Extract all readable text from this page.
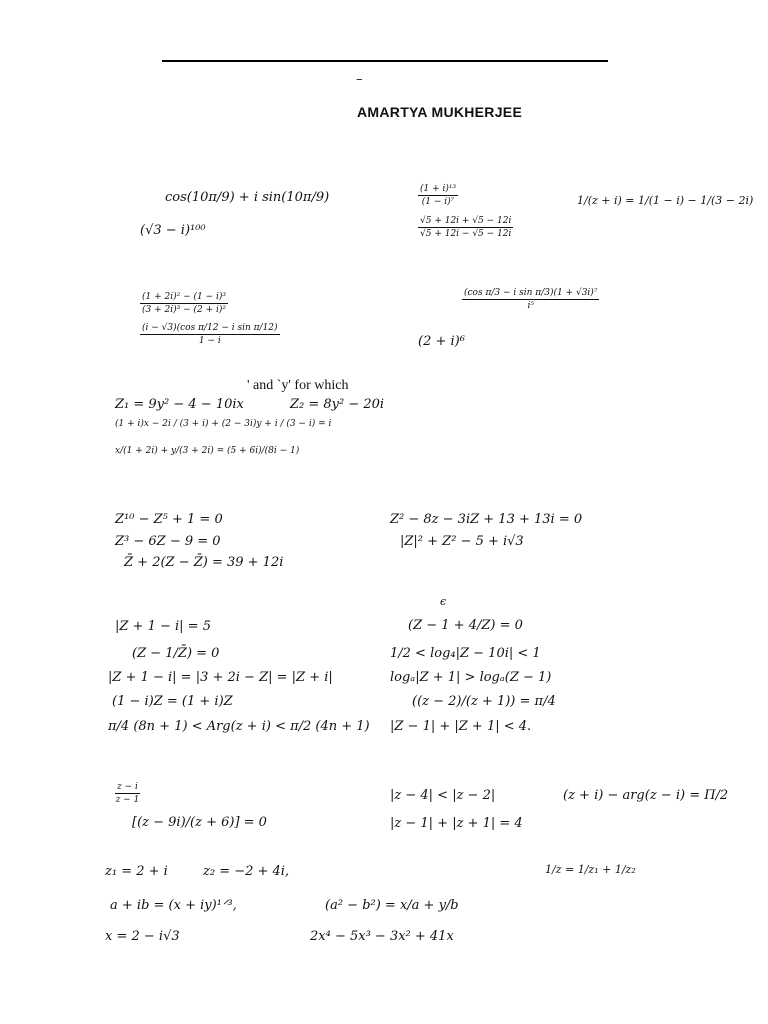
–
AMARTYA MUKHERJEE
cos(10π/9) + i sin(10π/9)
(√3 − i)¹⁰⁰
$\frac{\text{(1 + i)¹³}}{\text{(1 − i)⁷}}$
$\frac{√5 + 12i + √5 - 12i}{√5 + 12i - √5 - 12i}$
1/(z + i) = 1/(1 − i) − 1/(3 − 2i)
$\frac{\text{(1 + 2i)² − (1 − i)³}}{\text{(3 + 2i)³ − (2 + i)²}}$
$\frac{\text{(i − √3)(cos π/12 − i sin π/12)}}{1 - i}$
$\frac{\text{(cos π/3 − i sin π/3)(1 + √3i)⁷}}{\text{i⁵}}$
(2 + i)⁶
' and `y' for which
Z₁ = 9y² − 4 − 10ix	Z₂ = 8y² − 20i
(1 + i)x − 2i / (3 + i) + (2 − 3i)y + i / (3 − i) = i
x/(1 + 2i) + y/(3 + 2i) = (5 + 6i)/(8i − 1)
Z¹⁰ − Z⁵ + 1 = 0
Z³ − 6Z − 9 = 0
Z̄ + 2(Z − Z̄) = 39 + 12i
Z² − 8z − 3iZ + 13 + 13i = 0
|Z|² + Z² − 5 + i√3
ϵ
|Z + 1 − i| = 5
(Z − 1/Z̄) = 0
|Z + 1 − i| = |3 + 2i − Z| = |Z + i|
(1 − i)Z = (1 + i)Z
π/4 (8n + 1) < Arg(z + i) < π/2 (4n + 1)
(Z − 1 + 4/Z) = 0
1/2 < log₄|Z − 10i| < 1
logₐ|Z + 1| > logₐ(Z − 1)
((z − 2)/(z + 1)) = π/4
|Z − 1| + |Z + 1| < 4.
$\frac{z - i}{z - 1}$
[(z − 9i)/(z + 6)] = 0
|z − 4| < |z − 2|
|z − 1| + |z + 1| = 4
(z + i) − arg(z − i) = Π/2
z₁ = 2 + i	z₂ = −2 + 4i,	1/z = 1/z₁ + 1/z₂
a + ib = (x + iy)¹ᐟ³,	(a² − b²) = x/a + y/b
x = 2 − i√3	2x⁴ − 5x³ − 3x² + 41x
